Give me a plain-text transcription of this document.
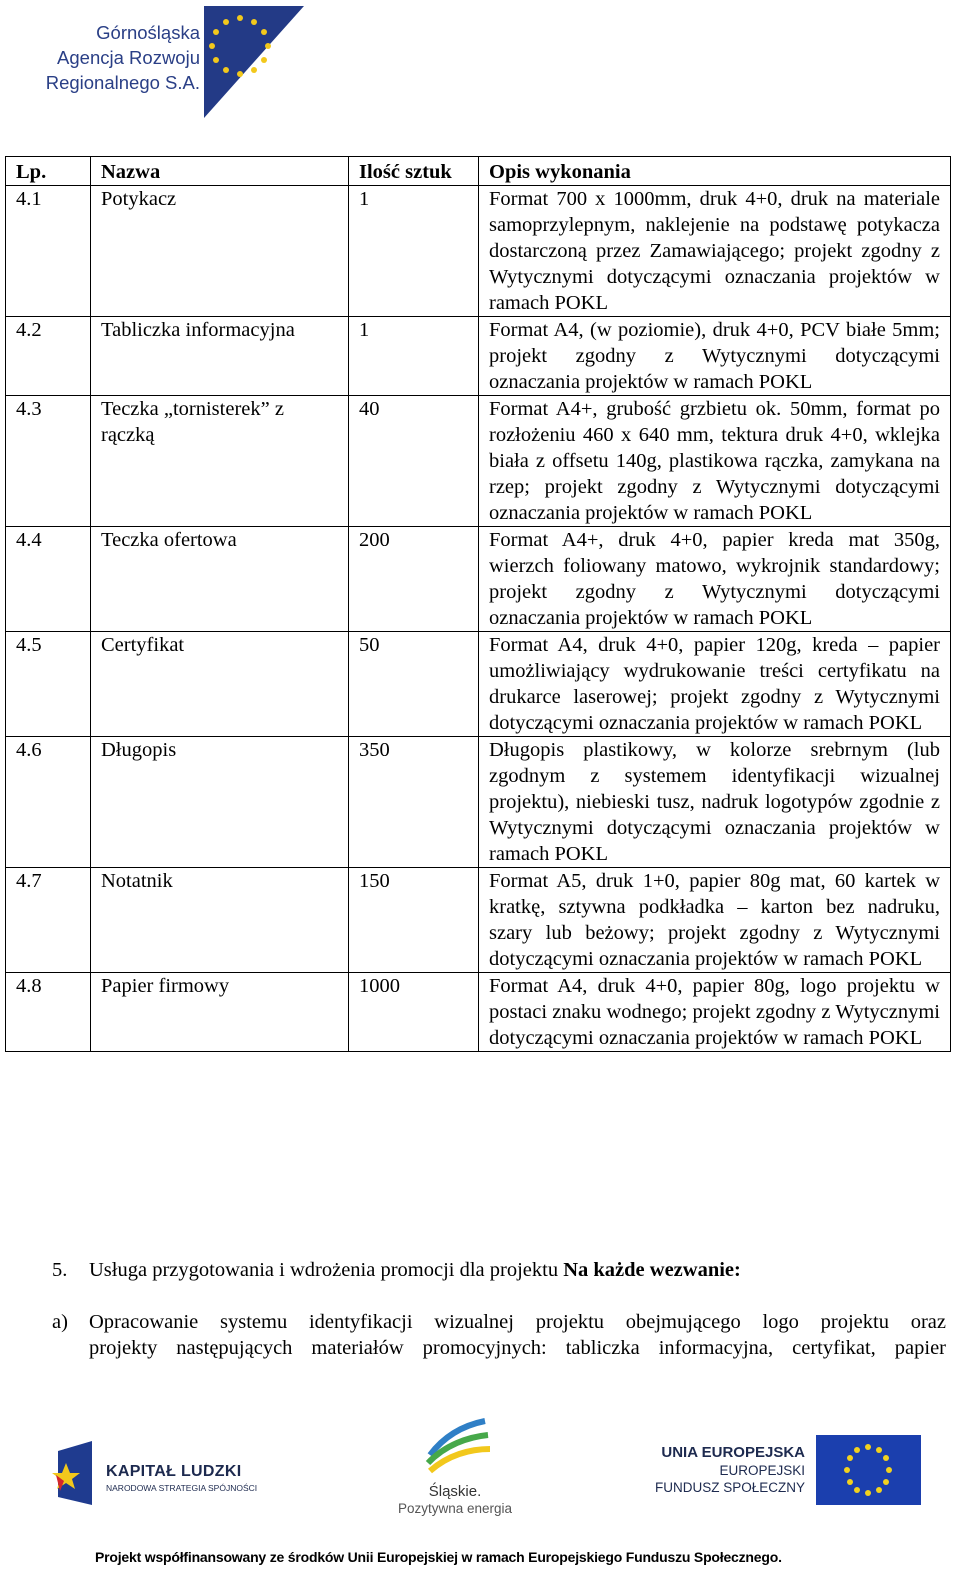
Górnośląska
Agencja Rozwoju
Regionalnego S.A.
Lp.	Nazwa	Ilość sztuk	Opis wykonania
4.1	Potykacz	1	Format 700 x 1000mm, druk 4+0, druk na materiale samoprzylepnym, naklejenie na podstawę potykacza dostarczoną przez Zamawiającego; projekt zgodny z Wytycznymi dotyczącymi oznaczania projektów w ramach POKL
4.2	Tabliczka informacyjna	1	Format A4, (w poziomie), druk 4+0, PCV białe 5mm; projekt zgodny z Wytycznymi dotyczącymi oznaczania projektów w ramach POKL
4.3	Teczka „tornisterek” z rączką	40	Format A4+, grubość grzbietu ok. 50mm, format po rozłożeniu 460 x 640 mm, tektura druk 4+0, wklejka biała z offsetu 140g, plastikowa rączka, zamykana na rzep; projekt zgodny z Wytycznymi dotyczącymi oznaczania projektów w ramach POKL
4.4	Teczka ofertowa	200	Format A4+, druk 4+0, papier kreda mat 350g, wierzch foliowany matowo, wykrojnik standardowy; projekt zgodny z Wytycznymi dotyczącymi oznaczania projektów w ramach POKL
4.5	Certyfikat	50	Format A4, druk 4+0, papier 120g, kreda – papier umożliwiający wydrukowanie treści certyfikatu na drukarce laserowej; projekt zgodny z Wytycznymi dotyczącymi oznaczania projektów w ramach POKL
4.6	Długopis	350	Długopis plastikowy, w kolorze srebrnym (lub zgodnym z systemem identyfikacji wizualnej projektu), niebieski tusz, nadruk logotypów zgodnie z Wytycznymi dotyczącymi oznaczania projektów w ramach POKL
4.7	Notatnik	150	Format A5, druk 1+0, papier 80g mat, 60 kartek w kratkę, sztywna podkładka – karton bez nadruku, szary lub beżowy; projekt zgodny z Wytycznymi dotyczącymi oznaczania projektów w ramach POKL
4.8	Papier firmowy	1000	Format A4, druk 4+0, papier 80g, logo projektu w postaci znaku wodnego; projekt zgodny z Wytycznymi dotyczącymi oznaczania projektów w ramach POKL
5. Usługa przygotowania i wdrożenia promocji dla projektu Na każde wezwanie:
a) Opracowanie systemu identyfikacji wizualnej projektu obejmującego logo projektu oraz
projekty następujących materiałów promocyjnych: tabliczka informacyjna, certyfikat, papier
KAPITAŁ LUDZKI
NARODOWA STRATEGIA SPÓJNOŚCI	Śląskie.
Pozytywna energia
UNIA EUROPEJSKA
EUROPEJSKI
FUNDUSZ SPOŁECZNY
Projekt współfinansowany ze środków Unii Europejskiej w ramach Europejskiego Funduszu Społecznego.
